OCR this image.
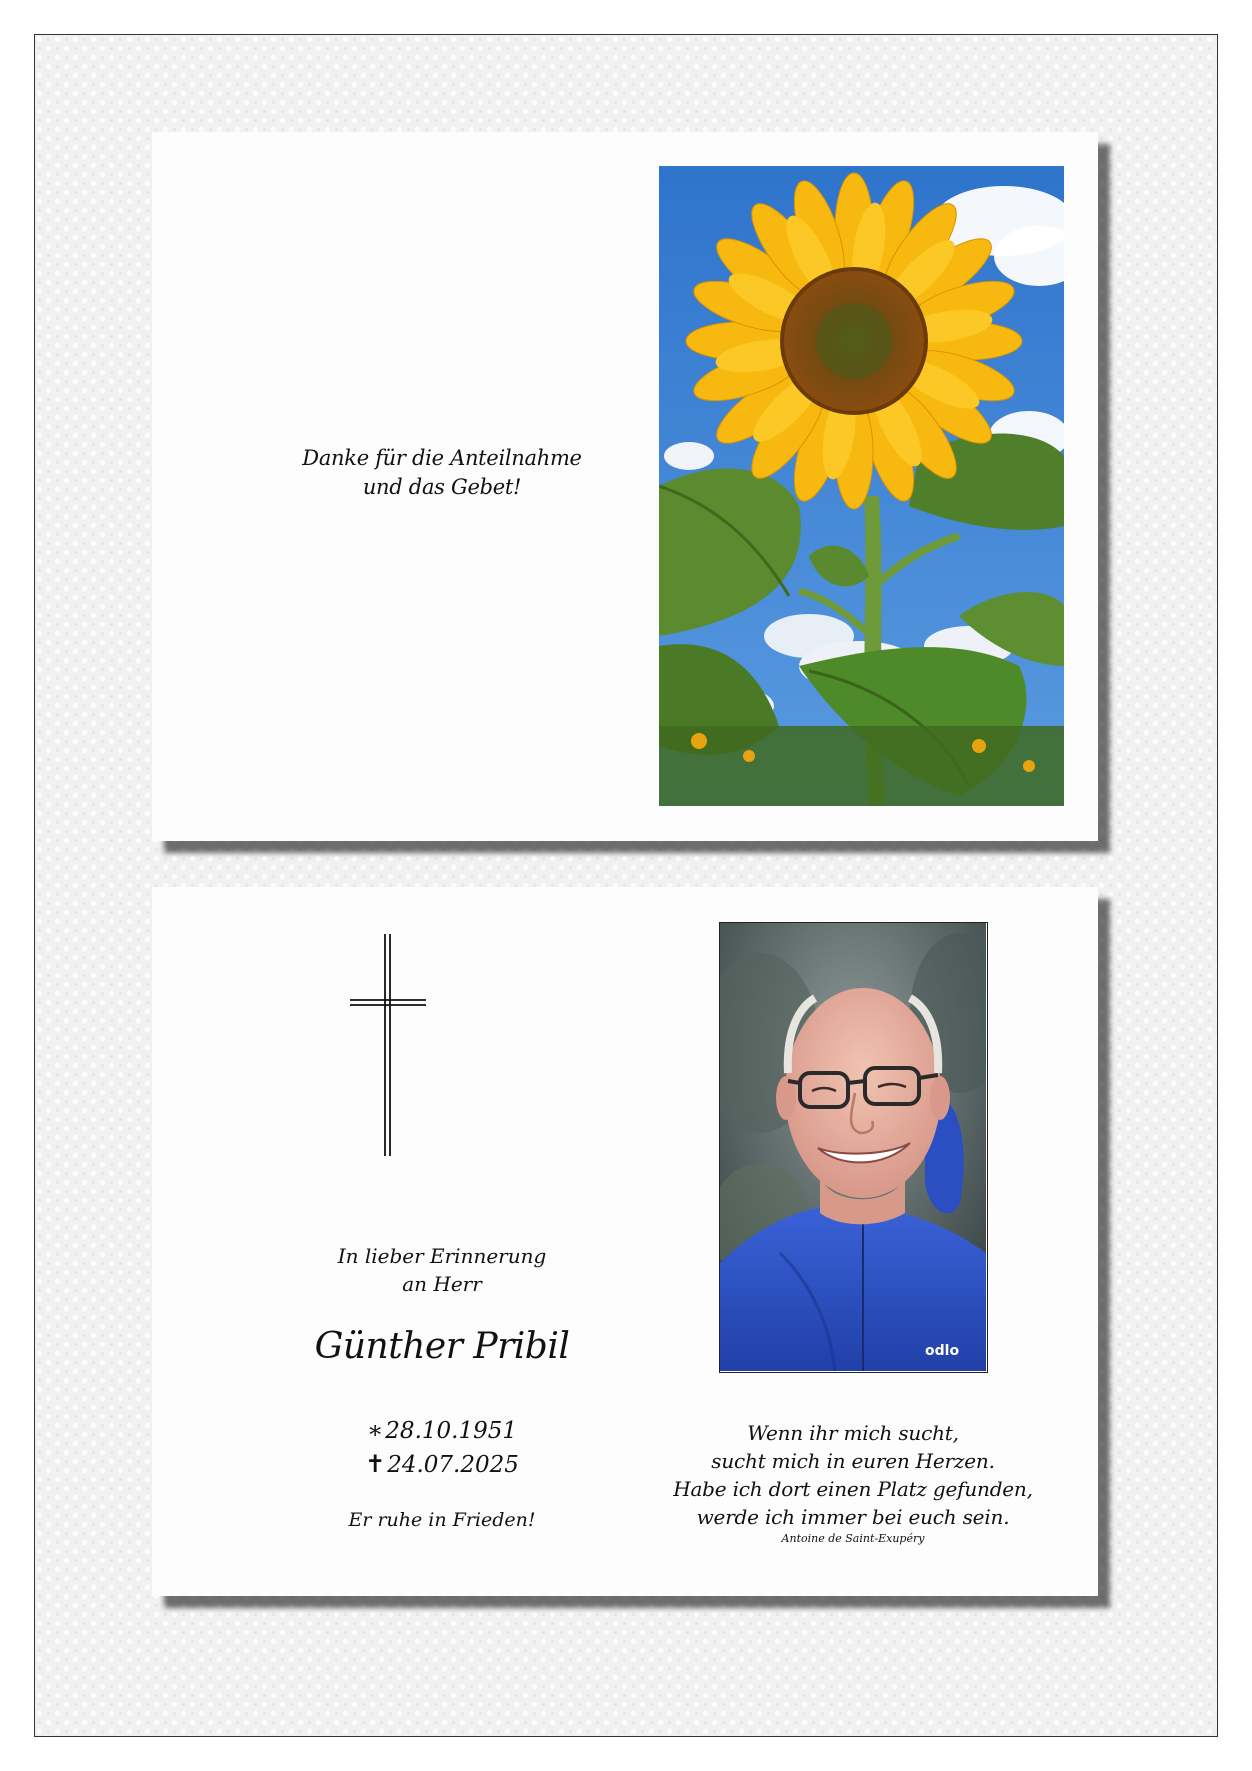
Danke für die Anteilnahme
und das Gebet!
In lieber Erinnerung
an Herr
Günther Pribil
∗28.10.1951
✝24.07.2025
Er ruhe in Frieden!
odlo
Wenn ihr mich sucht,
sucht mich in euren Herzen.
Habe ich dort einen Platz gefunden,
werde ich immer bei euch sein.
Antoine de Saint-Exupéry
